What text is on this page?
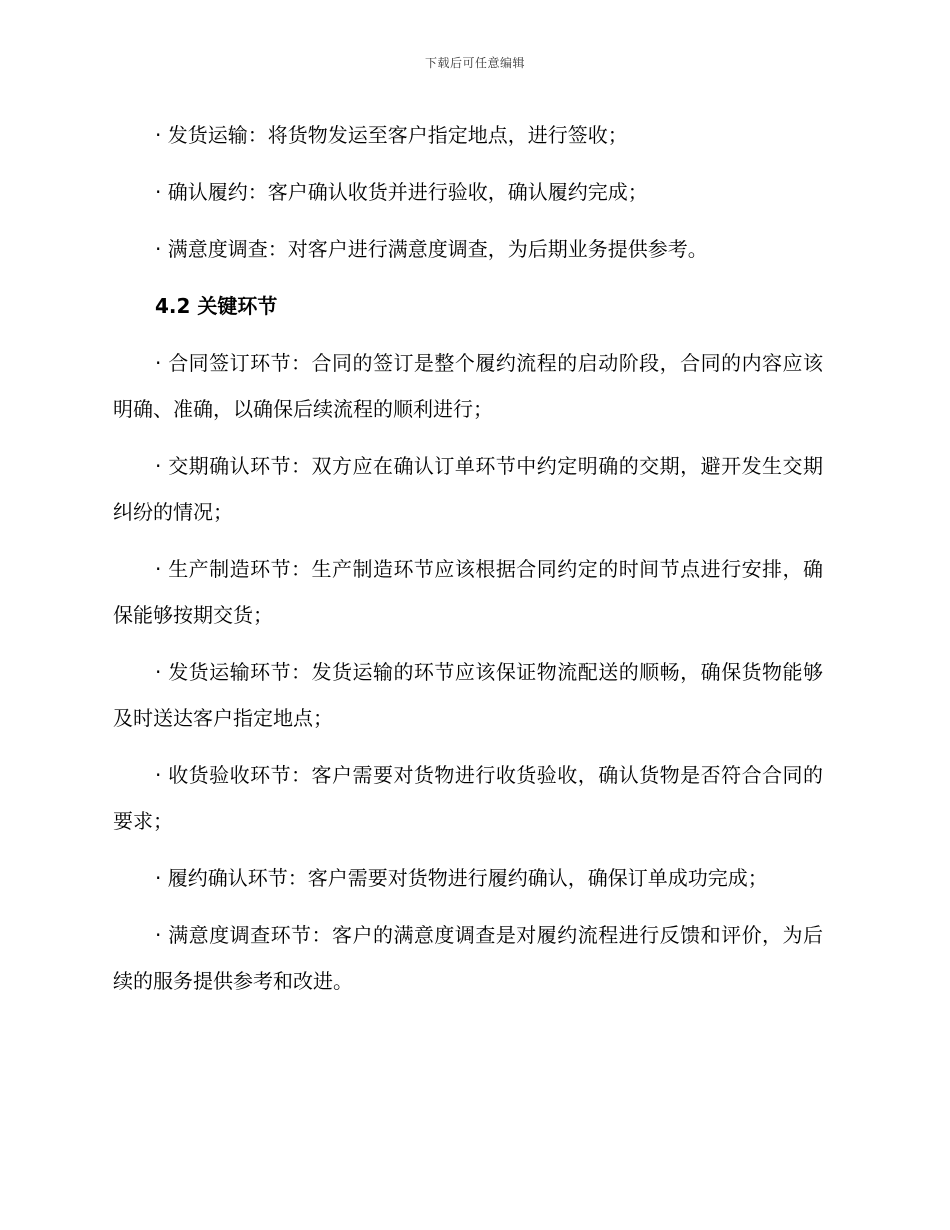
下载后可任意编辑

· 发货运输：将货物发运至客户指定地点，进行签收；

· 确认履约：客户确认收货并进行验收，确认履约完成；

· 满意度调查：对客户进行满意度调查，为后期业务提供参考。

4.2 关键环节

· 合同签订环节：合同的签订是整个履约流程的启动阶段，合同的内容应该明确、准确，以确保后续流程的顺利进行；

· 交期确认环节：双方应在确认订单环节中约定明确的交期，避开发生交期纠纷的情况；

· 生产制造环节：生产制造环节应该根据合同约定的时间节点进行安排，确保能够按期交货；

· 发货运输环节：发货运输的环节应该保证物流配送的顺畅，确保货物能够及时送达客户指定地点；

· 收货验收环节：客户需要对货物进行收货验收，确认货物是否符合合同的要求；

· 履约确认环节：客户需要对货物进行履约确认，确保订单成功完成；

· 满意度调查环节：客户的满意度调查是对履约流程进行反馈和评价，为后续的服务提供参考和改进。
